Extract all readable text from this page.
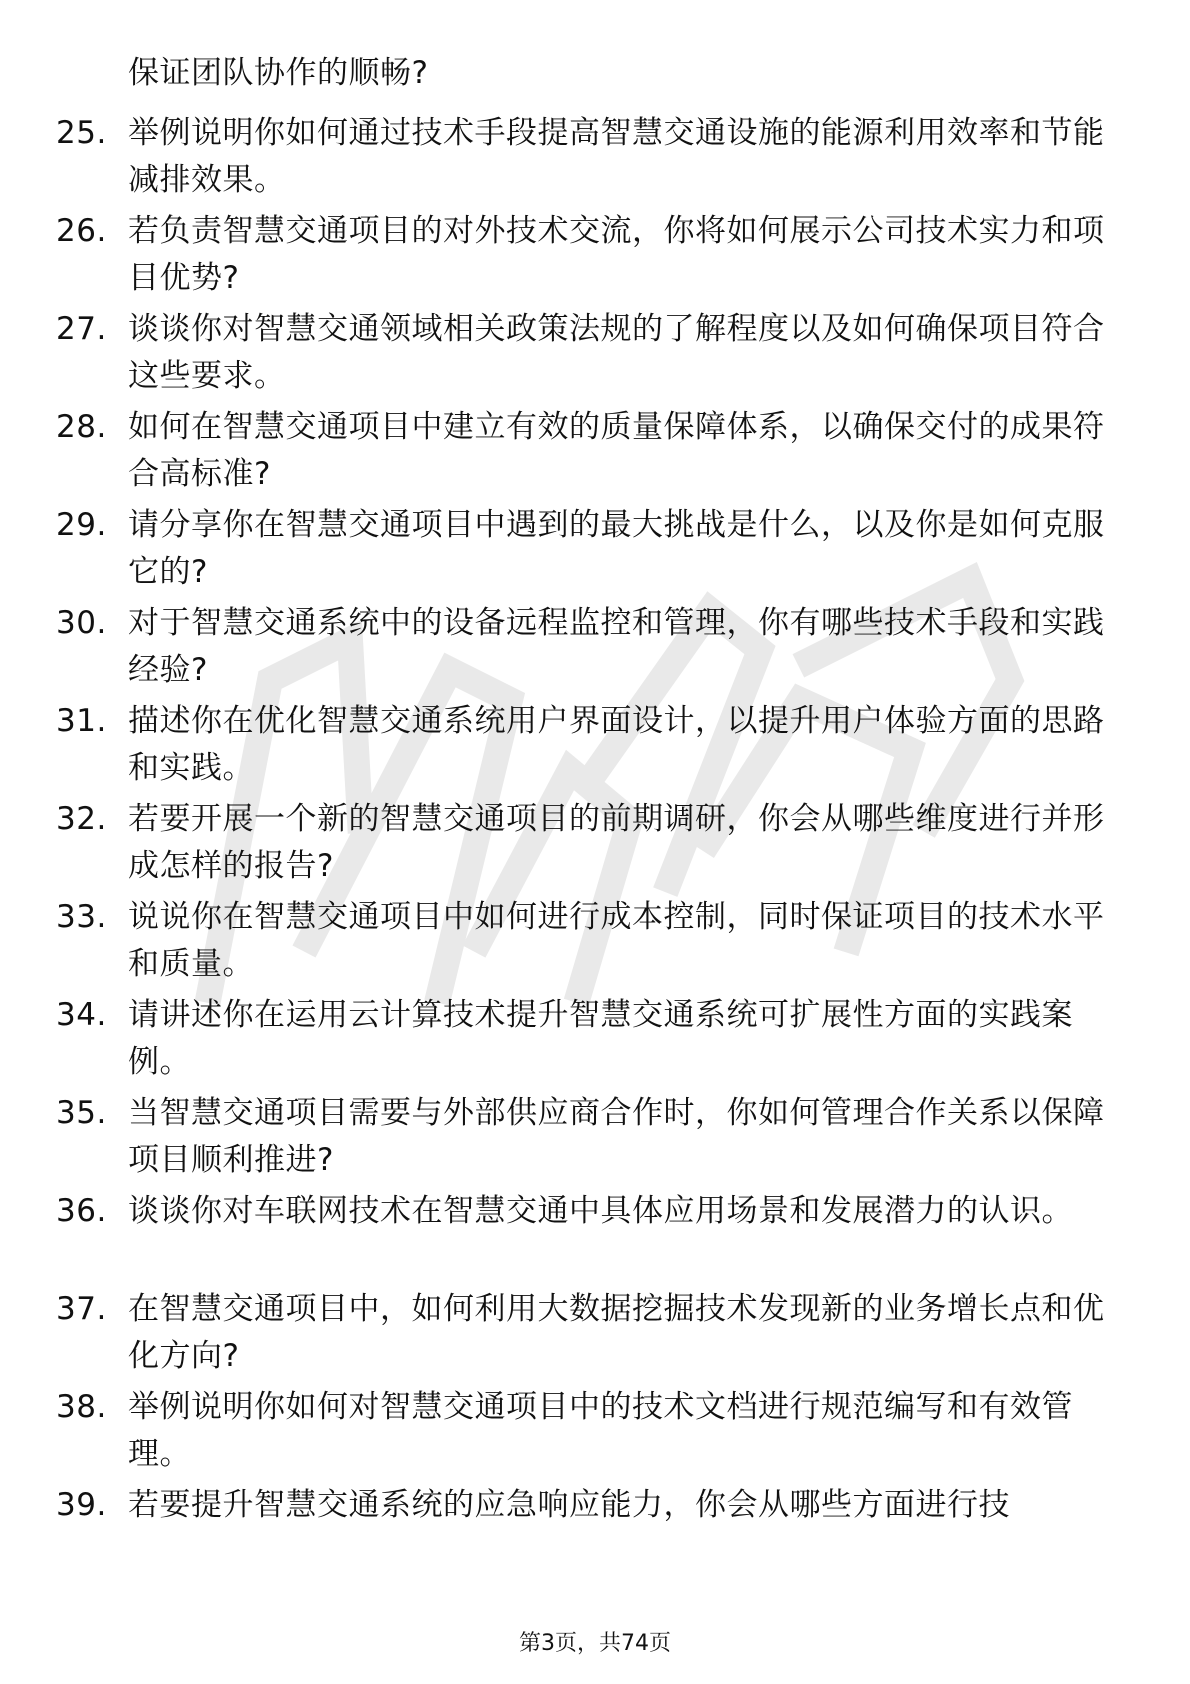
保证团队协作的顺畅?

25. 举例说明你如何通过技术手段提高智慧交通设施的能源利用效率和节能减排效果。
26. 若负责智慧交通项目的对外技术交流，你将如何展示公司技术实力和项目优势?
27. 谈谈你对智慧交通领域相关政策法规的了解程度以及如何确保项目符合这些要求。
28. 如何在智慧交通项目中建立有效的质量保障体系，以确保交付的成果符合高标准?
29. 请分享你在智慧交通项目中遇到的最大挑战是什么，以及你是如何克服它的?
30. 对于智慧交通系统中的设备远程监控和管理，你有哪些技术手段和实践经验?
31. 描述你在优化智慧交通系统用户界面设计，以提升用户体验方面的思路和实践。
32. 若要开展一个新的智慧交通项目的前期调研，你会从哪些维度进行并形成怎样的报告?
33. 说说你在智慧交通项目中如何进行成本控制，同时保证项目的技术水平和质量。
34. 请讲述你在运用云计算技术提升智慧交通系统可扩展性方面的实践案例。
35. 当智慧交通项目需要与外部供应商合作时，你如何管理合作关系以保障项目顺利推进?
36. 谈谈你对车联网技术在智慧交通中具体应用场景和发展潜力的认识。
37. 在智慧交通项目中，如何利用大数据挖掘技术发现新的业务增长点和优化方向?
38. 举例说明你如何对智慧交通项目中的技术文档进行规范编写和有效管理。
39. 若要提升智慧交通系统的应急响应能力，你会从哪些方面进行技
第3页，共74页
